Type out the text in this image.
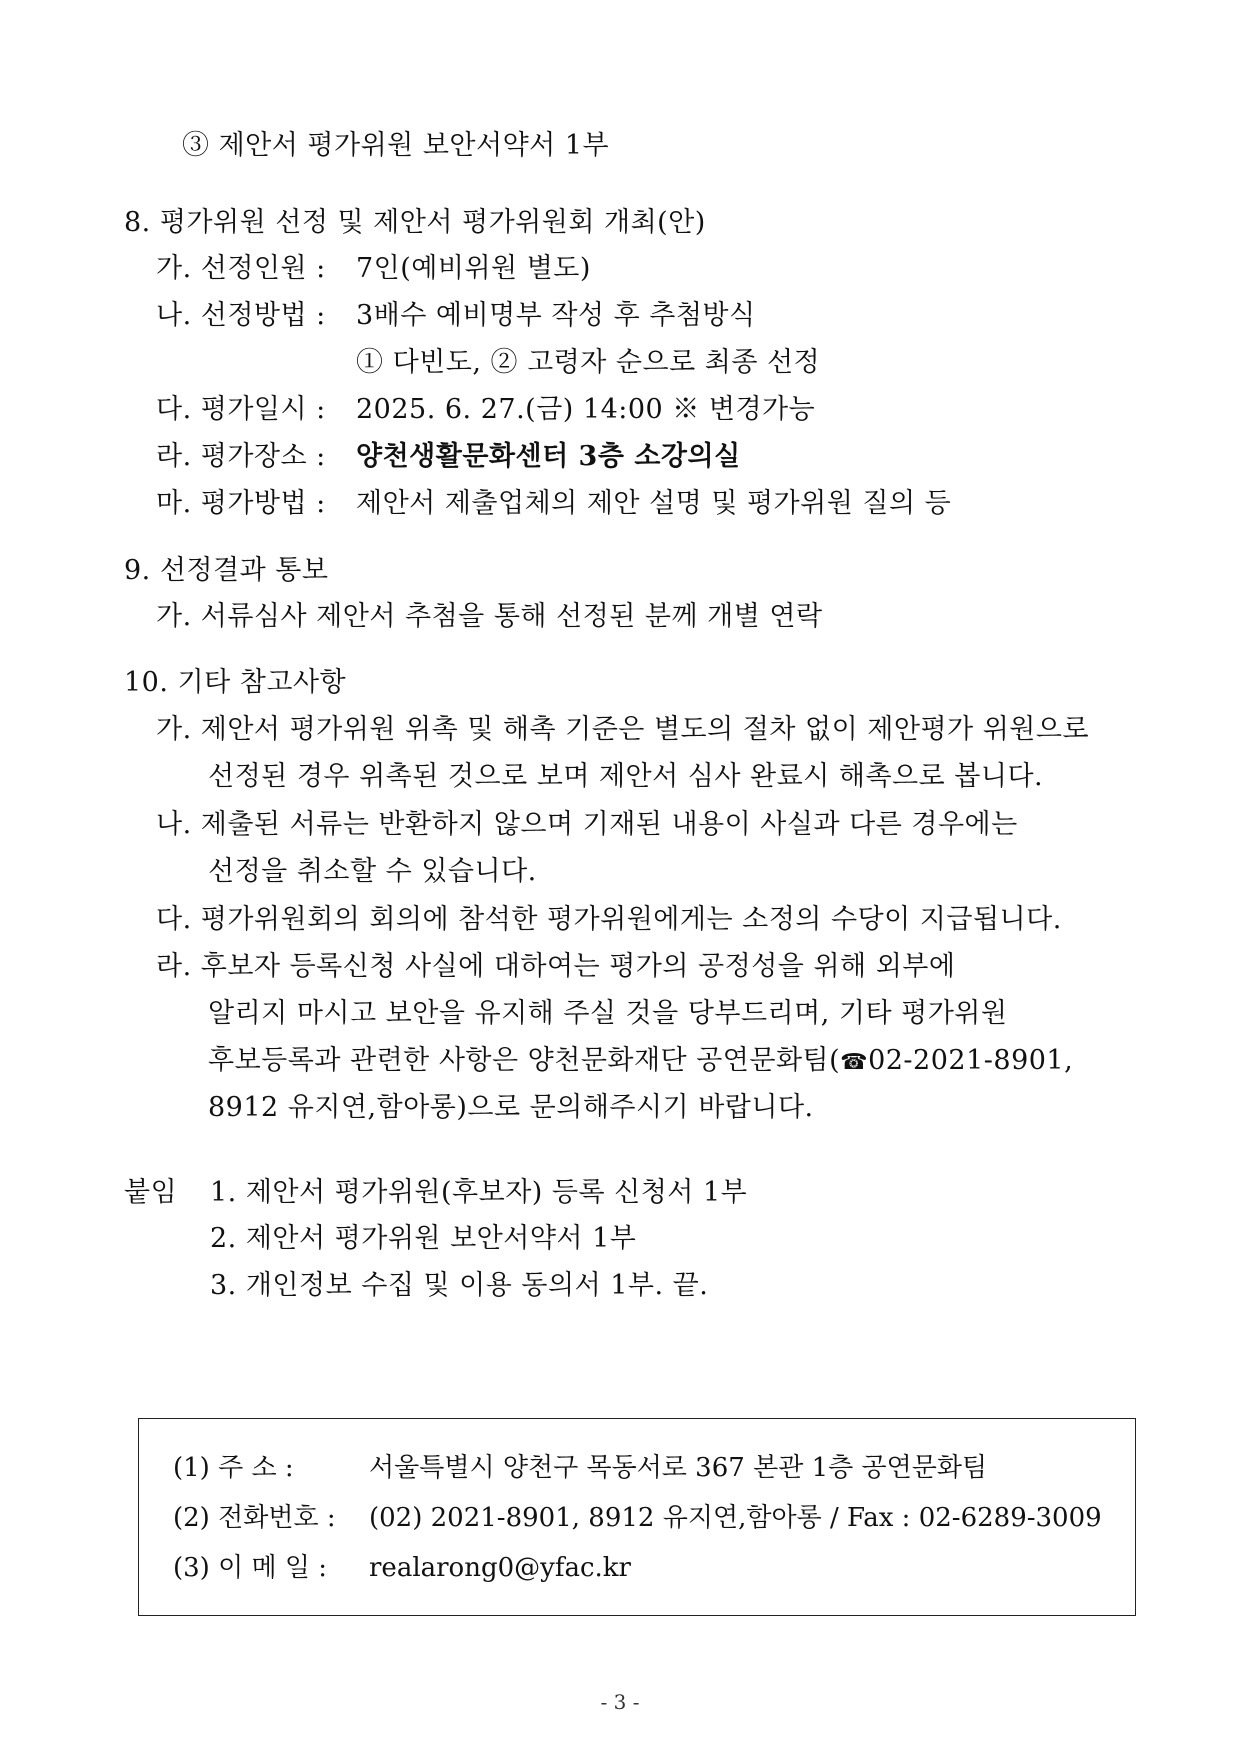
③ 제안서 평가위원 보안서약서 1부
8. 평가위원 선정 및 제안서 평가위원회 개최(안)
가. 선정인원 : 7인(예비위원 별도)
나. 선정방법 : 3배수 예비명부 작성 후 추첨방식
① 다빈도, ② 고령자 순으로 최종 선정
다. 평가일시 : 2025. 6. 27.(금) 14:00 ※ 변경가능
라. 평가장소 : 양천생활문화센터 3층 소강의실
마. 평가방법 : 제안서 제출업체의 제안 설명 및 평가위원 질의 등
9. 선정결과 통보
가. 서류심사 제안서 추첨을 통해 선정된 분께 개별 연락
10. 기타 참고사항
가. 제안서 평가위원 위촉 및 해촉 기준은 별도의 절차 없이 제안평가 위원으로
선정된 경우 위촉된 것으로 보며 제안서 심사 완료시 해촉으로 봅니다.
나. 제출된 서류는 반환하지 않으며 기재된 내용이 사실과 다른 경우에는
선정을 취소할 수 있습니다.
다. 평가위원회의 회의에 참석한 평가위원에게는 소정의 수당이 지급됩니다.
라. 후보자 등록신청 사실에 대하여는 평가의 공정성을 위해 외부에
알리지 마시고 보안을 유지해 주실 것을 당부드리며, 기타 평가위원
후보등록과 관련한 사항은 양천문화재단 공연문화팀(☎02-2021-8901,
8912 유지연,함아롱)으로 문의해주시기 바랍니다.
붙임 1. 제안서 평가위원(후보자) 등록 신청서 1부
2. 제안서 평가위원 보안서약서 1부
3. 개인정보 수집 및 이용 동의서 1부. 끝.
(1) 주 소 :	서울특별시 양천구 목동서로 367 본관 1층 공연문화팀
(2) 전화번호 : (02) 2021-8901, 8912 유지연,함아롱 / Fax : 02-6289-3009
(3) 이 메 일 : realarong0@yfac.kr
- 3 -
